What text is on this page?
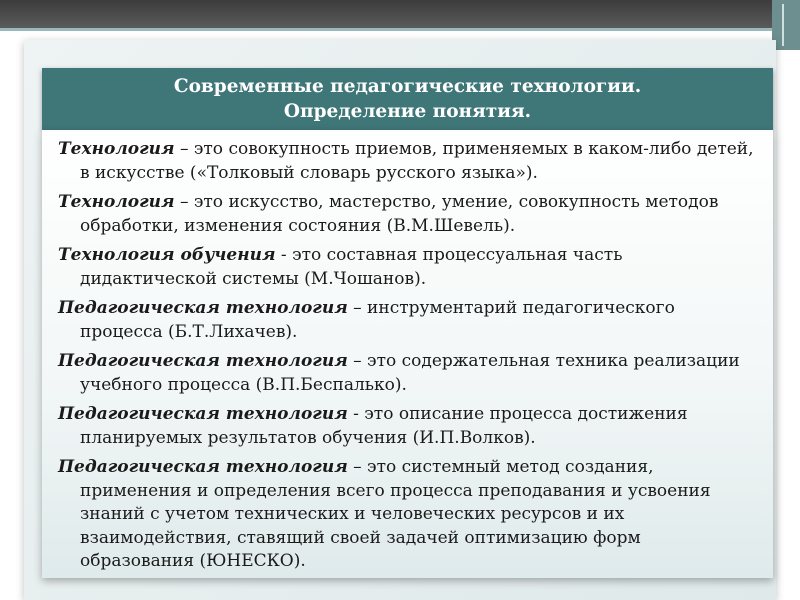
Современные педагогические технологии.
Определение понятия.
Технология – это совокупность приемов, применяемых в каком-либо детей, в искусстве («Толковый словарь русского языка»).
Технология – это искусство, мастерство, умение, совокупность методов обработки, изменения состояния (В.М.Шевель).
Технология обучения - это составная процессуальная часть дидактической системы (М.Чошанов).
Педагогическая технология – инструментарий педагогического процесса (Б.Т.Лихачев).
Педагогическая технология – это содержательная техника реализации учебного процесса (В.П.Беспалько).
Педагогическая технология - это описание процесса достижения планируемых результатов обучения (И.П.Волков).
Педагогическая технология – это системный метод создания, применения и определения всего процесса преподавания и усвоения знаний с учетом технических и человеческих ресурсов и их взаимодействия, ставящий своей задачей оптимизацию форм образования (ЮНЕСКО).
